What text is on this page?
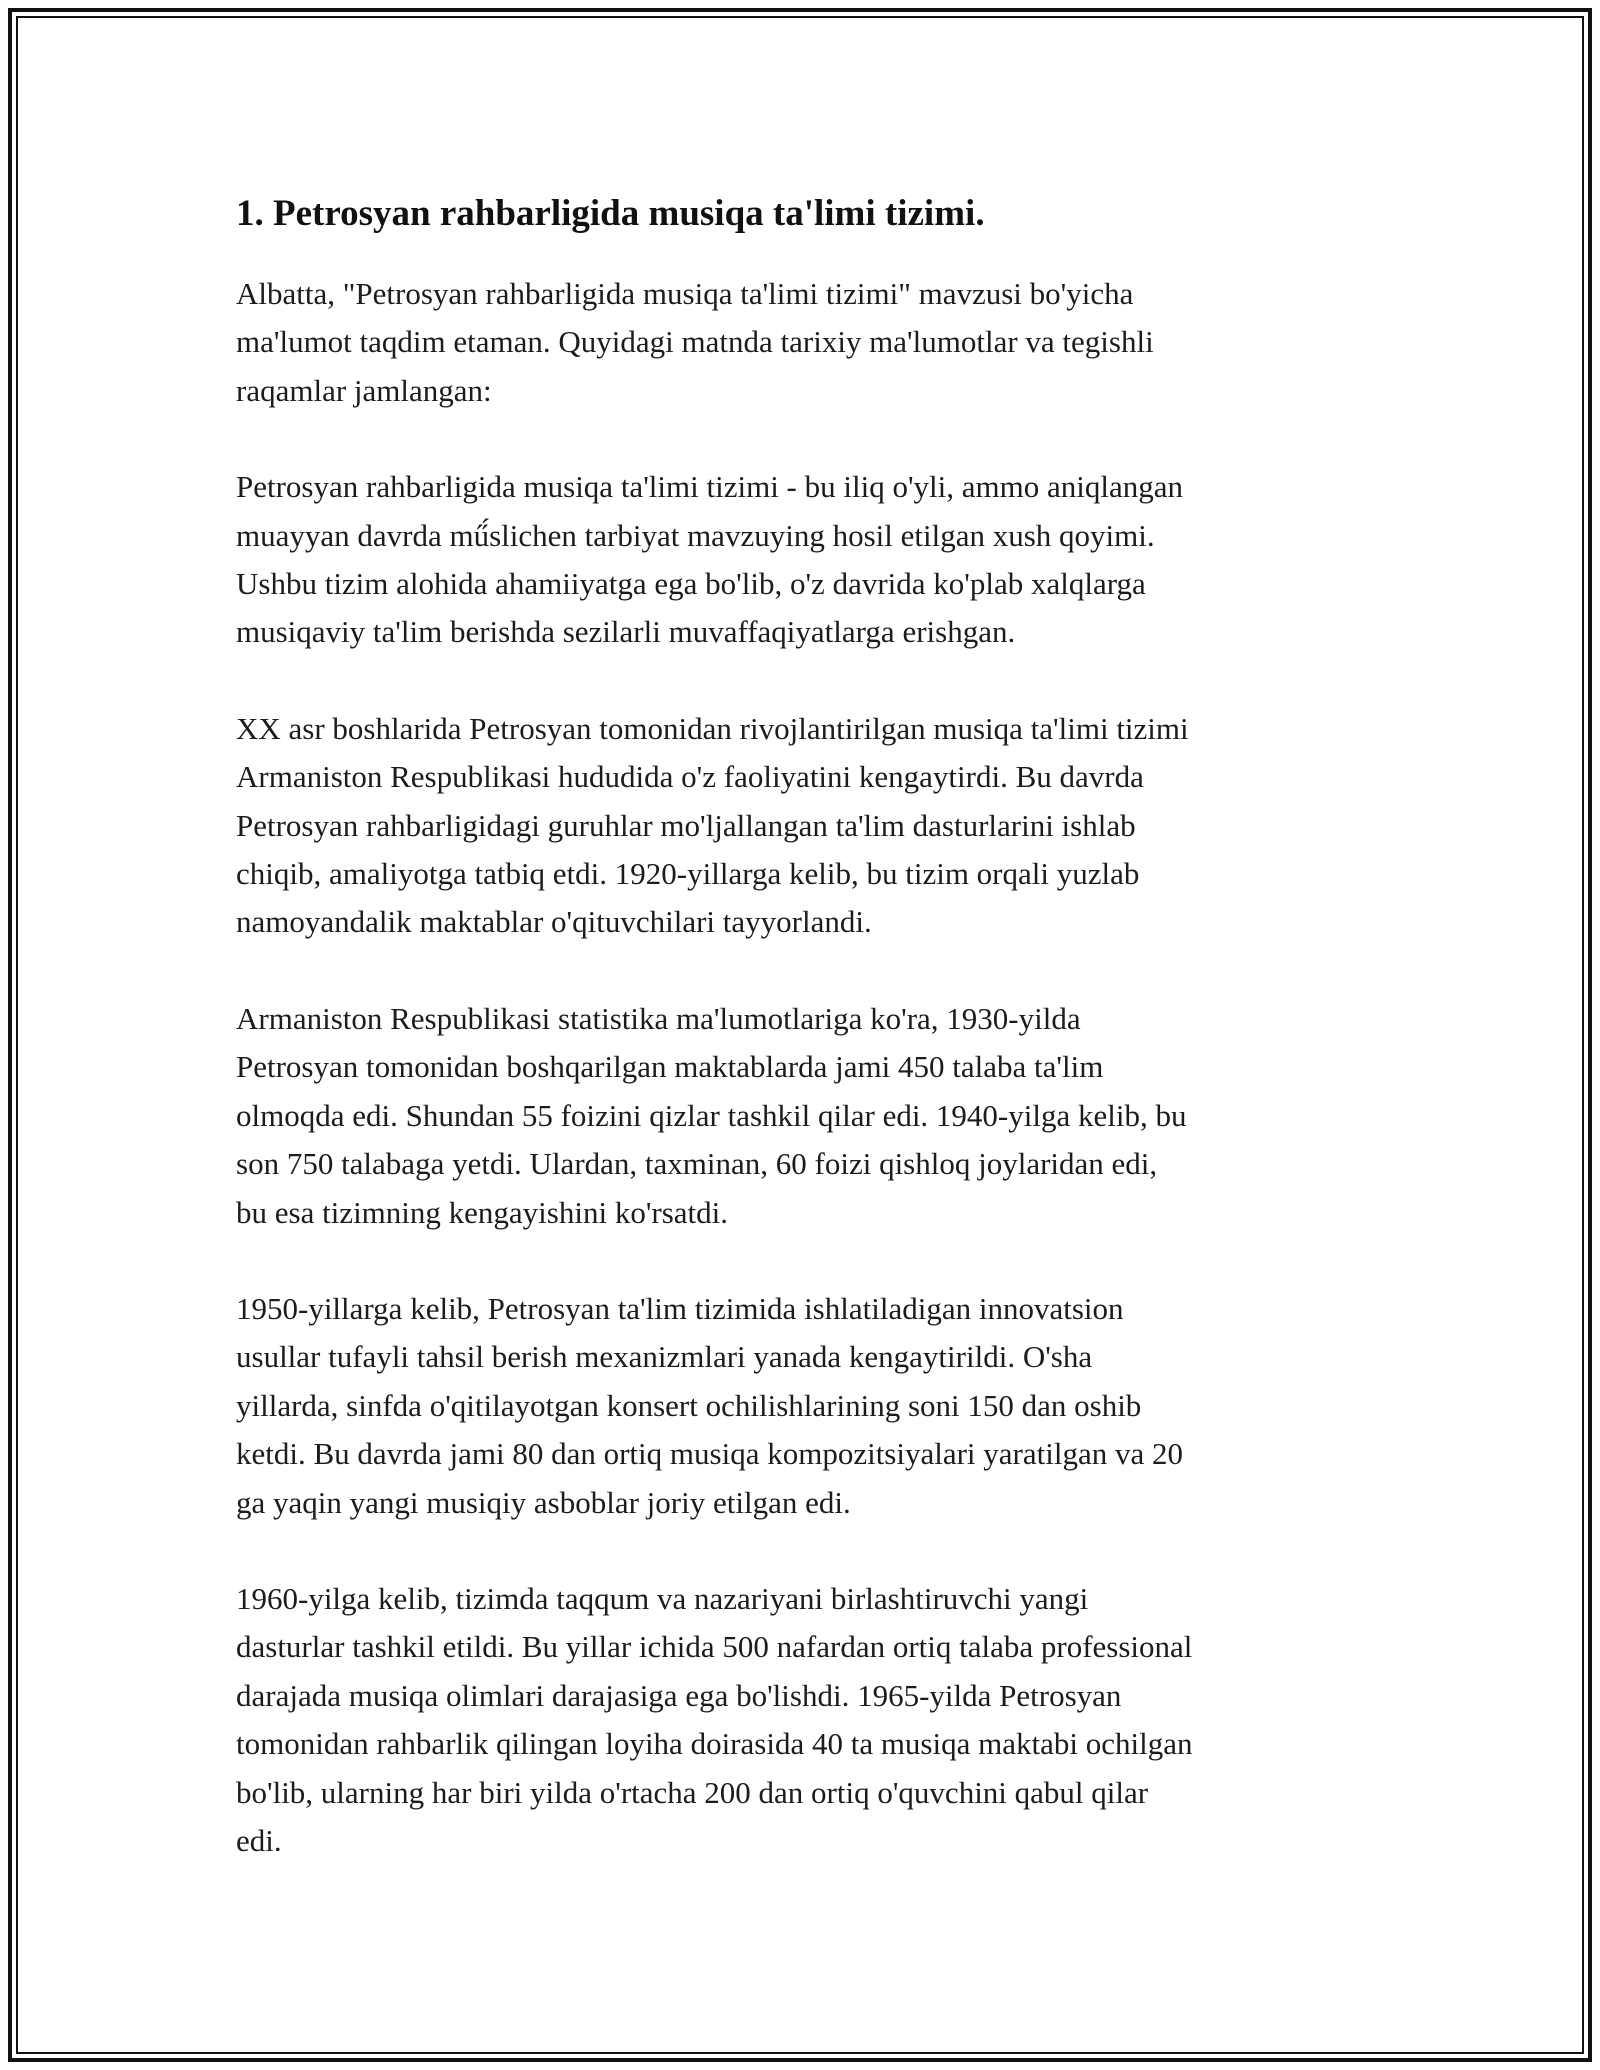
1. Petrosyan rahbarligida musiqa ta'limi tizimi.

Albatta, "Petrosyan rahbarligida musiqa ta'limi tizimi" mavzusi bo'yicha
ma'lumot taqdim etaman. Quyidagi matnda tarixiy ma'lumotlar va tegishli
raqamlar jamlangan:

Petrosyan rahbarligida musiqa ta'limi tizimi - bu iliq o'yli, ammo aniqlangan
muayyan davrda mű́slichen tarbiyat mavzuying hosil etilgan xush qoyimi.
Ushbu tizim alohida ahamiiyatga ega bo'lib, o'z davrida ko'plab xalqlarga
musiqaviy ta'lim berishda sezilarli muvaffaqiyatlarga erishgan.

XX asr boshlarida Petrosyan tomonidan rivojlantirilgan musiqa ta'limi tizimi
Armaniston Respublikasi hududida o'z faoliyatini kengaytirdi. Bu davrda
Petrosyan rahbarligidagi guruhlar mo'ljallangan ta'lim dasturlarini ishlab
chiqib, amaliyotga tatbiq etdi. 1920-yillarga kelib, bu tizim orqali yuzlab
namoyandalik maktablar o'qituvchilari tayyorlandi.

Armaniston Respublikasi statistika ma'lumotlariga ko'ra, 1930-yilda
Petrosyan tomonidan boshqarilgan maktablarda jami 450 talaba ta'lim
olmoqda edi. Shundan 55 foizini qizlar tashkil qilar edi. 1940-yilga kelib, bu
son 750 talabaga yetdi. Ulardan, taxminan, 60 foizi qishloq joylaridan edi,
bu esa tizimning kengayishini ko'rsatdi.

1950-yillarga kelib, Petrosyan ta'lim tizimida ishlatiladigan innovatsion
usullar tufayli tahsil berish mexanizmlari yanada kengaytirildi. O'sha
yillarda, sinfda o'qitilayotgan konsert ochilishlarining soni 150 dan oshib
ketdi. Bu davrda jami 80 dan ortiq musiqa kompozitsiyalari yaratilgan va 20
ga yaqin yangi musiqiy asboblar joriy etilgan edi.

1960-yilga kelib, tizimda taqqum va nazariyani birlashtiruvchi yangi
dasturlar tashkil etildi. Bu yillar ichida 500 nafardan ortiq talaba professional
darajada musiqa olimlari darajasiga ega bo'lishdi. 1965-yilda Petrosyan
tomonidan rahbarlik qilingan loyiha doirasida 40 ta musiqa maktabi ochilgan
bo'lib, ularning har biri yilda o'rtacha 200 dan ortiq o'quvchini qabul qilar
edi.
